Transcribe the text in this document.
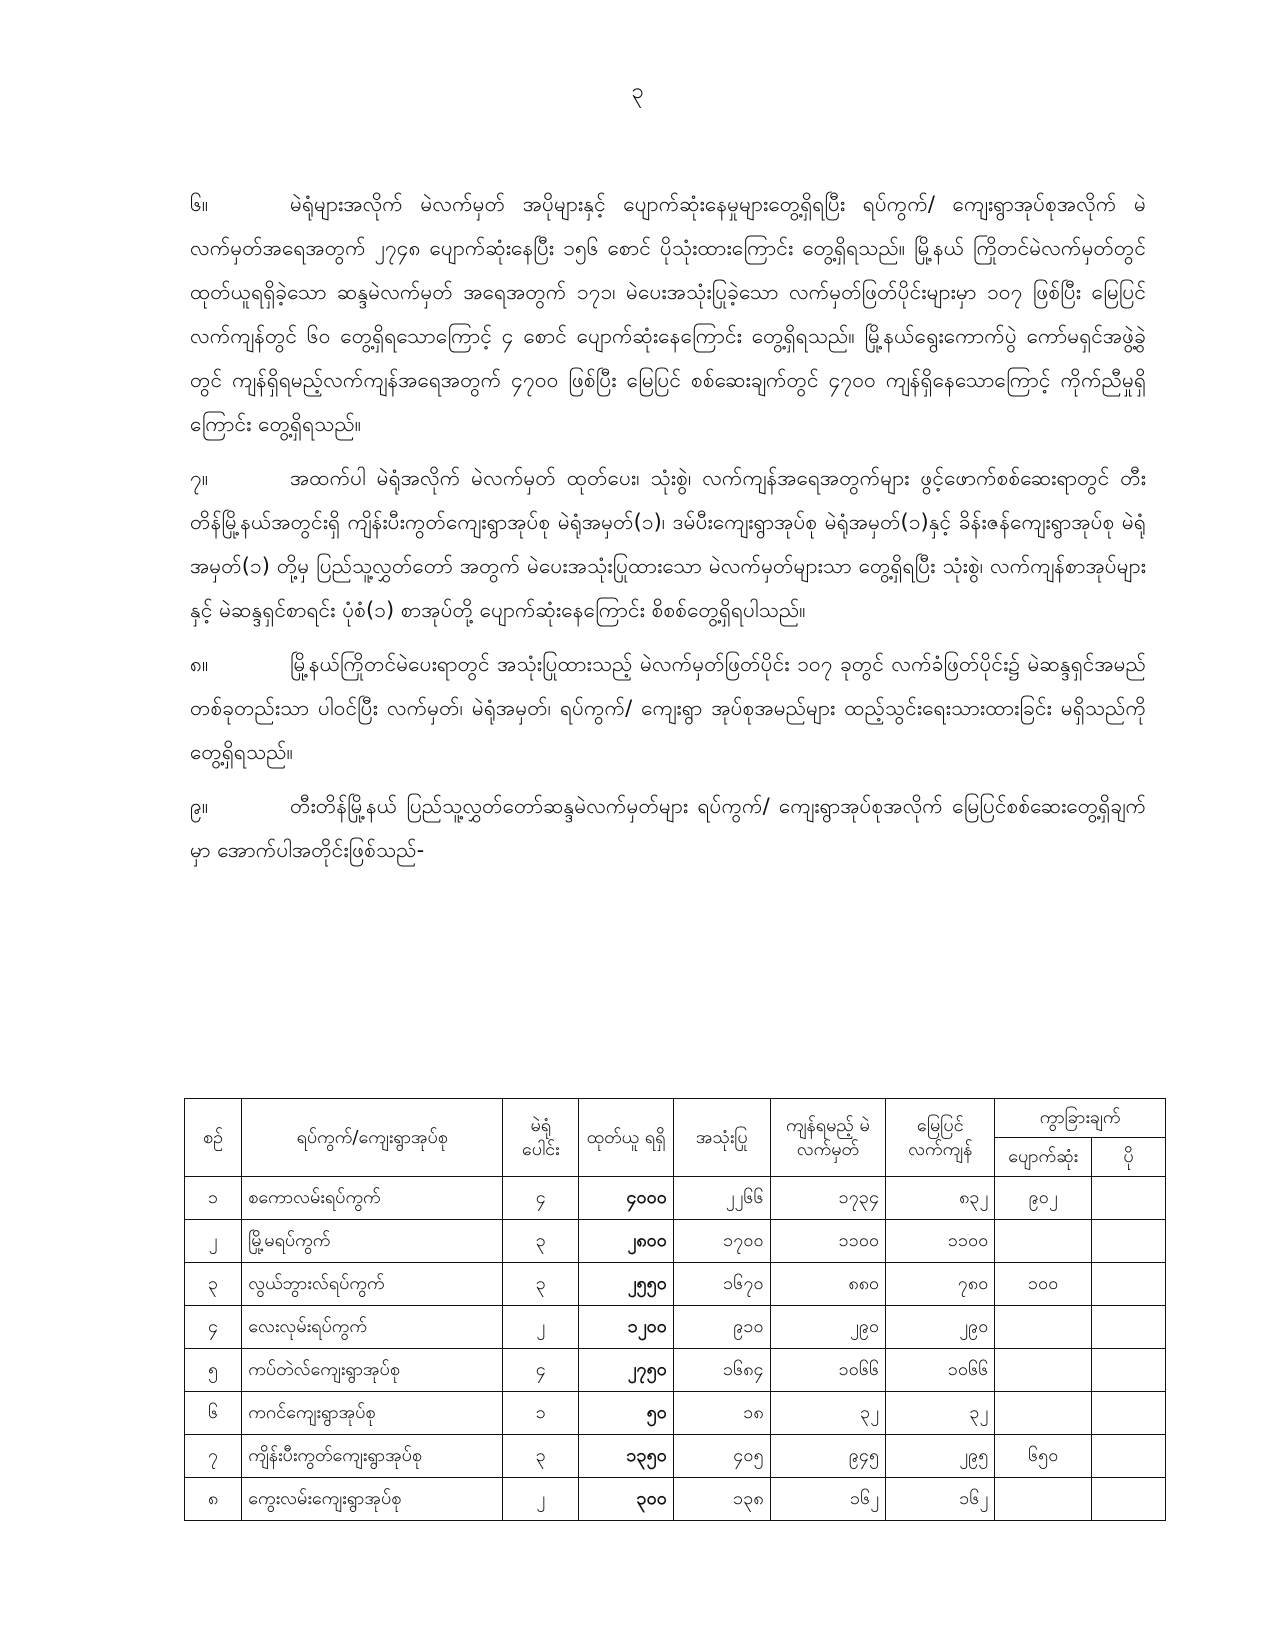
၃

၆။	မဲရုံများအလိုက် မဲလက်မှတ် အပိုများနှင့် ပျောက်ဆုံးနေမှုများတွေ့ရှိရပြီး ရပ်ကွက်/ ကျေးရွာအုပ်စုအလိုက် မဲလက်မှတ်အရေအတွက် ၂၇၄၈ ပျောက်ဆုံးနေပြီး ၁၅၆ စောင် ပိုသုံးထားကြောင်း တွေ့ရှိရသည်။ မြို့နယ် ကြိုတင်မဲလက်မှတ်တွင် ထုတ်ယူရရှိခဲ့သော ဆန္ဒမဲလက်မှတ် အရေအတွက် ၁၇၁၊ မဲပေးအသုံးပြုခဲ့သော လက်မှတ်ဖြတ်ပိုင်းများမှာ ၁၀၇ ဖြစ်ပြီး မြေပြင်လက်ကျန်တွင် ၆၀ တွေ့ရှိရသောကြောင့် ၄ စောင် ပျောက်ဆုံးနေကြောင်း တွေ့ရှိရသည်။ မြို့နယ်ရွေးကောက်ပွဲ ကော်မရှင်အဖွဲ့ခွဲတွင် ကျန်ရှိရမည့်လက်ကျန်အရေအတွက် ၄၇၀၀ ဖြစ်ပြီး မြေပြင် စစ်ဆေးချက်တွင် ၄၇၀၀ ကျန်ရှိနေသောကြောင့် ကိုက်ညီမှုရှိကြောင်း တွေ့ရှိရသည်။

၇။	အထက်ပါ မဲရုံအလိုက် မဲလက်မှတ် ထုတ်ပေး၊ သုံးစွဲ၊ လက်ကျန်အရေအတွက်များ ဖွင့်ဖောက်စစ်ဆေးရာတွင် တီးတိန်မြို့နယ်အတွင်းရှိ ကျိန်းပီးကွတ်ကျေးရွာအုပ်စု မဲရုံအမှတ်(၁)၊ ဒမ်ပီးကျေးရွာအုပ်စု မဲရုံအမှတ်(၁)နှင့် ခိန်းဇန်ကျေးရွာအုပ်စု မဲရုံအမှတ်(၁) တို့မှ ပြည်သူ့လွှတ်တော် အတွက် မဲပေးအသုံးပြုထားသော မဲလက်မှတ်များသာ တွေ့ရှိရပြီး သုံးစွဲ၊ လက်ကျန်စာအုပ်များနှင့် မဲဆန္ဒရှင်စာရင်း ပုံစံ(၁) စာအုပ်တို့ ပျောက်ဆုံးနေကြောင်း စိစစ်တွေ့ရှိရပါသည်။

၈။	မြို့နယ်ကြိုတင်မဲပေးရာတွင် အသုံးပြုထားသည့် မဲလက်မှတ်ဖြတ်ပိုင်း ၁၀၇ ခုတွင် လက်ခံဖြတ်ပိုင်း၌ မဲဆန္ဒရှင်အမည်တစ်ခုတည်းသာ ပါဝင်ပြီး လက်မှတ်၊ မဲရုံအမှတ်၊ ရပ်ကွက်/ ကျေးရွာ အုပ်စုအမည်များ ထည့်သွင်းရေးသားထားခြင်း မရှိသည်ကို တွေ့ရှိရသည်။

၉။	တီးတိန်မြို့နယ် ပြည်သူ့လွှတ်တော်ဆန္ဒမဲလက်မှတ်များ ရပ်ကွက်/ ကျေးရွာအုပ်စုအလိုက် မြေပြင်စစ်ဆေးတွေ့ရှိချက်မှာ အောက်ပါအတိုင်းဖြစ်သည်-

စဉ်	ရပ်ကွက်/ကျေးရွာအုပ်စု	မဲရုံ ပေါင်း	ထုတ်ယူ ရရှိ	အသုံးပြု	ကျန်ရမည့် မဲလက်မှတ်	မြေပြင် လက်ကျန်	ကွာခြားချက်	
							ပျောက်ဆုံး	ပို
၁	စကောလမ်းရပ်ကွက်	၄	၄၀၀၀	၂၂၆၆	၁၇၃၄	၈၃၂	၉၀၂	
၂	မြို့မရပ်ကွက်	၃	၂၈၀၀	၁၇၀၀	၁၁၀၀	၁၁၀၀		
၃	လွယ်ဘွားလ်ရပ်ကွက်	၃	၂၅၅၀	၁၆၇၀	၈၈၀	၇၈၀	၁၀၀	
၄	လေးလုမ်းရပ်ကွက်	၂	၁၂၀၀	၉၁၀	၂၉၀	၂၉၀		
၅	ကပ်တဲလ်ကျေးရွာအုပ်စု	၄	၂၇၅၀	၁၆၈၄	၁၀၆၆	၁၀၆၆		
၆	ကဂင်ကျေးရွာအုပ်စု	၁	၅၀	၁၈	၃၂	၃၂		
၇	ကျိန်းပီးကွတ်ကျေးရွာအုပ်စု	၃	၁၃၅၀	၄၀၅	၉၄၅	၂၉၅	၆၅၀	
၈	ကွေးလမ်းကျေးရွာအုပ်စု	၂	၃၀၀	၁၃၈	၁၆၂	၁၆၂		
